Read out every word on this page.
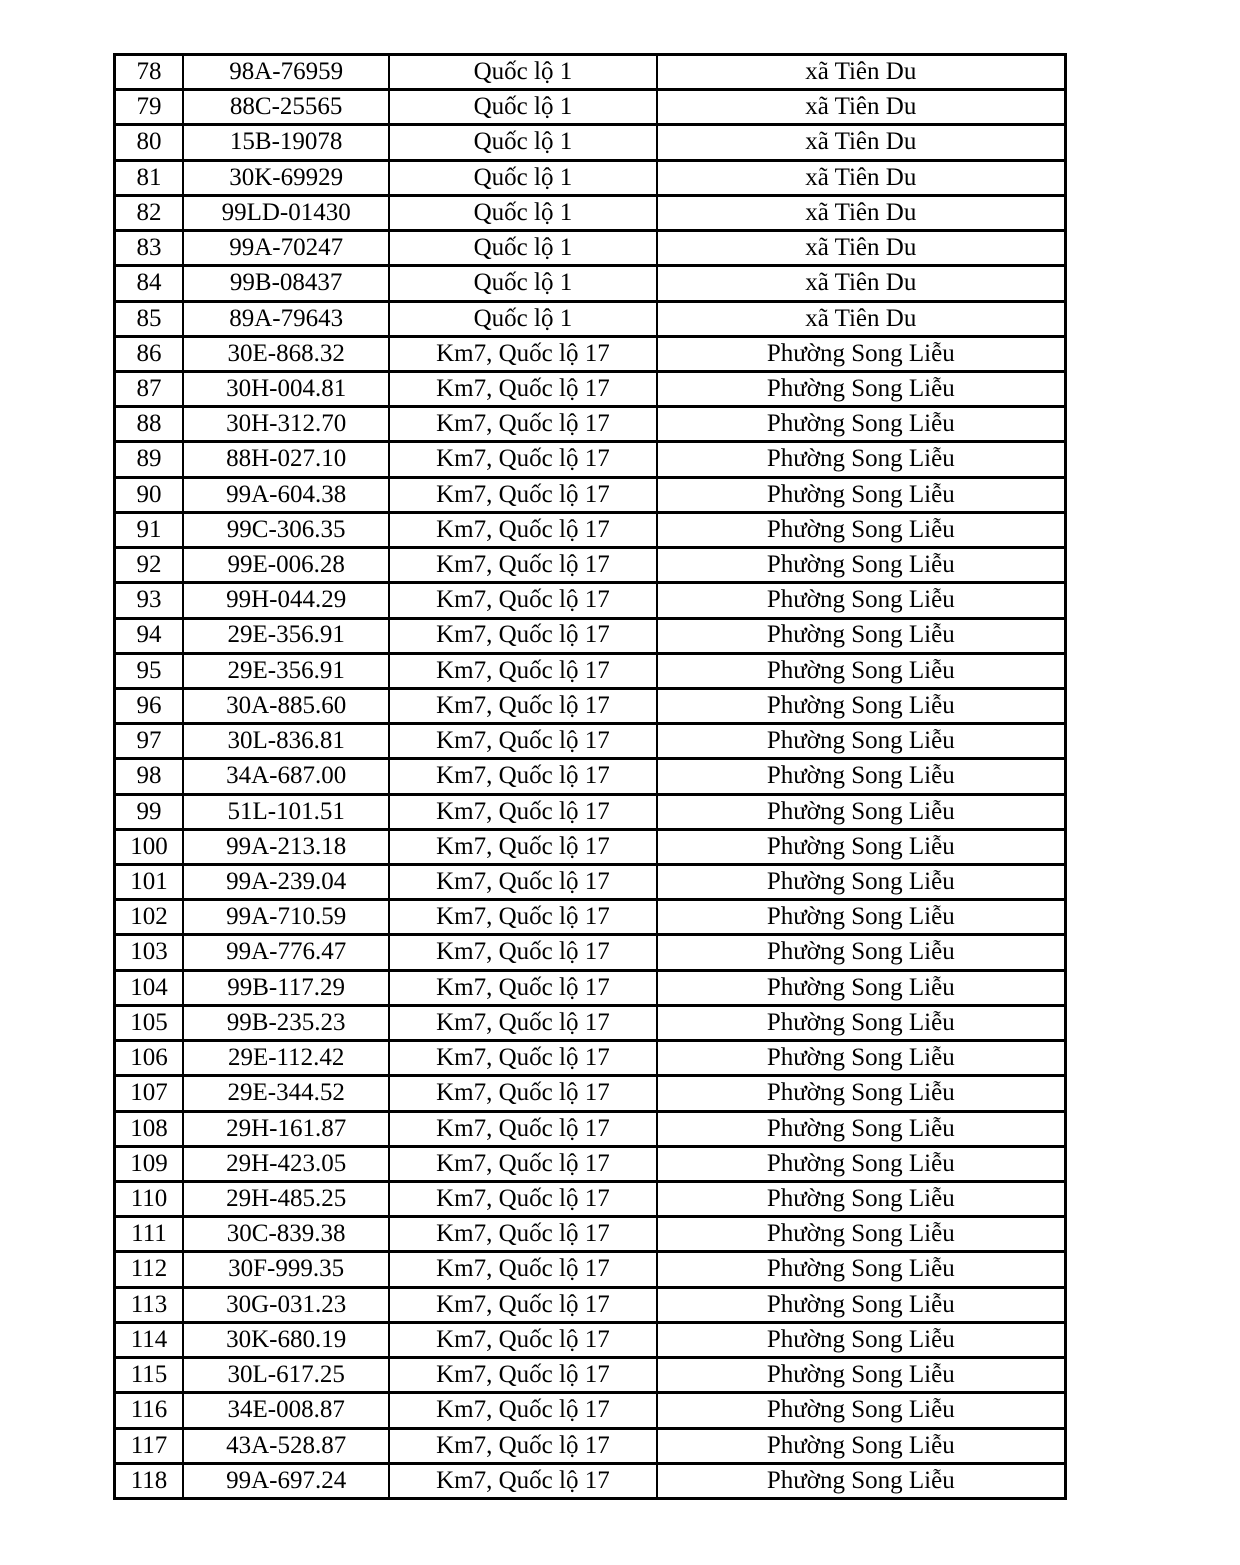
78	98A-76959	Quốc lộ 1	xã Tiên Du
79	88C-25565	Quốc lộ 1	xã Tiên Du
80	15B-19078	Quốc lộ 1	xã Tiên Du
81	30K-69929	Quốc lộ 1	xã Tiên Du
82	99LD-01430	Quốc lộ 1	xã Tiên Du
83	99A-70247	Quốc lộ 1	xã Tiên Du
84	99B-08437	Quốc lộ 1	xã Tiên Du
85	89A-79643	Quốc lộ 1	xã Tiên Du
86	30E-868.32	Km7, Quốc lộ 17	Phường Song Liễu
87	30H-004.81	Km7, Quốc lộ 17	Phường Song Liễu
88	30H-312.70	Km7, Quốc lộ 17	Phường Song Liễu
89	88H-027.10	Km7, Quốc lộ 17	Phường Song Liễu
90	99A-604.38	Km7, Quốc lộ 17	Phường Song Liễu
91	99C-306.35	Km7, Quốc lộ 17	Phường Song Liễu
92	99E-006.28	Km7, Quốc lộ 17	Phường Song Liễu
93	99H-044.29	Km7, Quốc lộ 17	Phường Song Liễu
94	29E-356.91	Km7, Quốc lộ 17	Phường Song Liễu
95	29E-356.91	Km7, Quốc lộ 17	Phường Song Liễu
96	30A-885.60	Km7, Quốc lộ 17	Phường Song Liễu
97	30L-836.81	Km7, Quốc lộ 17	Phường Song Liễu
98	34A-687.00	Km7, Quốc lộ 17	Phường Song Liễu
99	51L-101.51	Km7, Quốc lộ 17	Phường Song Liễu
100	99A-213.18	Km7, Quốc lộ 17	Phường Song Liễu
101	99A-239.04	Km7, Quốc lộ 17	Phường Song Liễu
102	99A-710.59	Km7, Quốc lộ 17	Phường Song Liễu
103	99A-776.47	Km7, Quốc lộ 17	Phường Song Liễu
104	99B-117.29	Km7, Quốc lộ 17	Phường Song Liễu
105	99B-235.23	Km7, Quốc lộ 17	Phường Song Liễu
106	29E-112.42	Km7, Quốc lộ 17	Phường Song Liễu
107	29E-344.52	Km7, Quốc lộ 17	Phường Song Liễu
108	29H-161.87	Km7, Quốc lộ 17	Phường Song Liễu
109	29H-423.05	Km7, Quốc lộ 17	Phường Song Liễu
110	29H-485.25	Km7, Quốc lộ 17	Phường Song Liễu
111	30C-839.38	Km7, Quốc lộ 17	Phường Song Liễu
112	30F-999.35	Km7, Quốc lộ 17	Phường Song Liễu
113	30G-031.23	Km7, Quốc lộ 17	Phường Song Liễu
114	30K-680.19	Km7, Quốc lộ 17	Phường Song Liễu
115	30L-617.25	Km7, Quốc lộ 17	Phường Song Liễu
116	34E-008.87	Km7, Quốc lộ 17	Phường Song Liễu
117	43A-528.87	Km7, Quốc lộ 17	Phường Song Liễu
118	99A-697.24	Km7, Quốc lộ 17	Phường Song Liễu
